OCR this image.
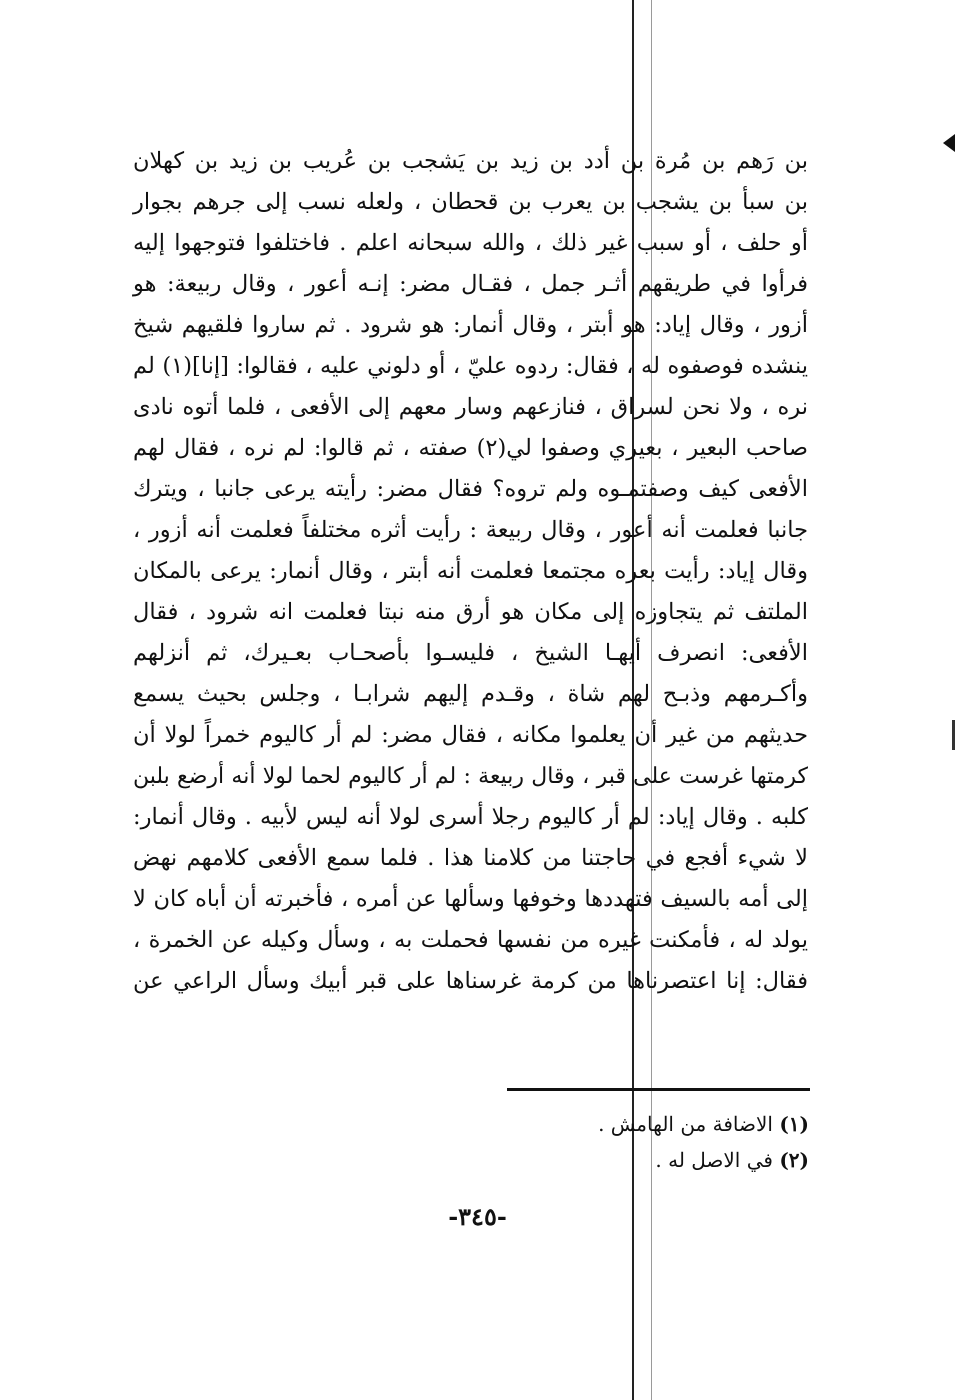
بن رَهم بن مُرة بن أدد بن زيد بن يَشجب بن عُريب بن زيد بن كهلان
بن سبأ بن يشجب بن يعرب بن قحطان ، ولعله نسب إلى جرهم بجوار
أو حلف ، أو سبب غير ذلك ، والله سبحانه اعلم . فاختلفوا فتوجهوا إليه
فرأوا في طريقهم أثـر جمل ، فقـال مضر: إنـه أعور ، وقال ربيعة: هو
أزور ، وقال إياد: هو أبتر ، وقال أنمار: هو شرود . ثم ساروا فلقيهم شيخ
ينشده فوصفوه له ، فقال: ردوه عليّ ، أو دلوني عليه ، فقالوا: [إنا](١) لم
نره ، ولا نحن لسراق ، فنازعهم وسار معهم إلى الأفعى ، فلما أتوه نادى
صاحب البعير ، بعيري وصفوا لي(٢) صفته ، ثم قالوا: لم نره ، فقال لهم
الأفعى كيف وصفتمـوه ولم تروه؟ فقال مضر: رأيته يرعى جانبا ، ويترك
جانبا فعلمت أنه أعور ، وقال ربيعة : رأيت أثره مختلفاً فعلمت أنه أزور ،
وقال إياد: رأيت بعره مجتمعا فعلمت أنه أبتر ، وقال أنمار: يرعى بالمكان
الملتف ثم يتجاوزه إلى مكان هو أرق منه نبتا فعلمت انه شرود ، فقال
الأفعى: انصرف أيهـا الشيخ ، فليسـوا بأصحـاب بعـيرك، ثم أنزلهم
وأكـرمهم وذبـح لهم شاة ، وقـدم إليهم شرابـا ، وجلس بحيث يسمع
حديثهم من غير أن يعلموا مكانه ، فقال مضر: لم أر كاليوم خمراً لولا أن
كرمتها غرست على قبر ، وقال ربيعة : لم أر كاليوم لحما لولا أنه أرضع بلبن
كلبه . وقال إياد: لم أر كاليوم رجلا أسرى لولا أنه ليس لأبيه . وقال أنمار:
لا شيء أفجع في حاجتنا من كلامنا هذا . فلما سمع الأفعى كلامهم نهض
إلى أمه بالسيف فتهددها وخوفها وسألها عن أمره ، فأخبرته أن أباه كان لا
يولد له ، فأمكنت غيره من نفسها فحملت به ، وسأل وكيله عن الخمرة ،
فقال: إنا اعتصرناها من كرمة غرسناها على قبر أبيك وسأل الراعي عن
(١) الاضافة من الهامش .
(٢) في الاصل له .
-٣٤٥-
